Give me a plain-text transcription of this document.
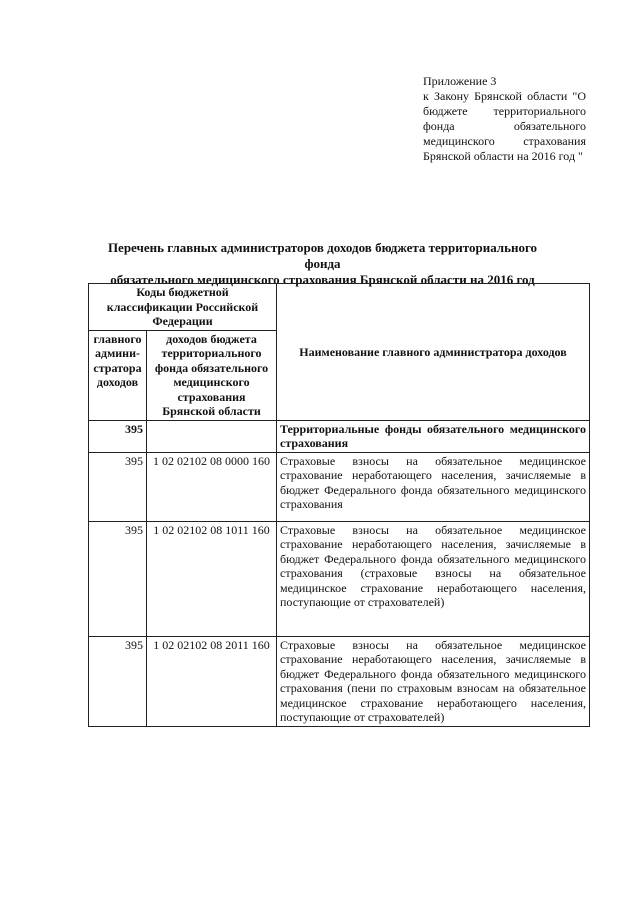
Приложение 3
к Закону Брянской области "О бюджете территориального фонда обязательного медицинского страхования Брянской области на 2016 год "
Перечень главных администраторов доходов бюджета территориального фонда
обязательного медицинского страхования Брянской области на 2016 год
Коды бюджетной классификации Российской Федерации		Наименование главного администратора доходов
главного админи-стратора доходов	доходов бюджета территориального фонда обязательного медицинского страхования Брянской области	
395		Территориальные фонды обязательного медицинского страхования
395	1 02 02102 08 0000 160	Страховые взносы на обязательное медицинское страхование неработающего населения, зачисляемые в бюджет Федерального фонда обязательного медицинского страхования
395	1 02 02102 08 1011 160	Страховые взносы на обязательное медицинское страхование неработающего населения, зачисляемые в бюджет Федерального фонда обязательного медицинского страхования (страховые взносы на обязательное медицинское страхование неработающего населения, поступающие от страхователей)
395	1 02 02102 08 2011 160	Страховые взносы на обязательное медицинское страхование неработающего населения, зачисляемые в бюджет Федерального фонда обязательного медицинского страхования (пени по страховым взносам на обязательное медицинское страхование неработающего населения, поступающие от страхователей)
